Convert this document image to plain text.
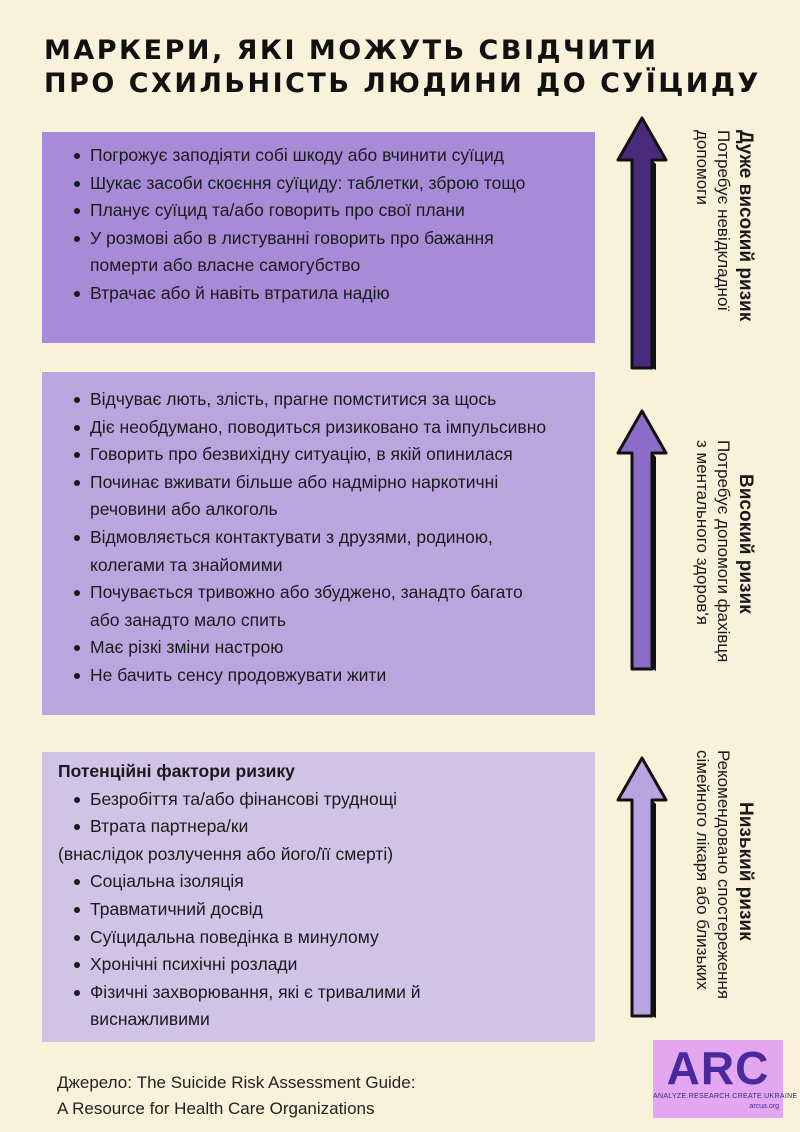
МАРКЕРИ, ЯКІ МОЖУТЬ СВІДЧИТИ
ПРО СХИЛЬНІСТЬ ЛЮДИНИ ДО СУЇЦИДУ
Погрожує заподіяти собі шкоду або вчинити суїцид
Шукає засоби скоєння суїциду: таблетки, зброю тощо
Планує суїцид та/або говорить про свої плани
У розмові або в листуванні говорить про бажання
померти або власне самогубство
Втрачає або й навіть втратила надію
Відчуває лють, злість, прагне помститися за щось
Діє необдумано, поводиться ризиковано та імпульсивно
Говорить про безвихідну ситуацію, в якій опинилася
Починає вживати більше або надмірно наркотичні
речовини або алкоголь
Відмовляється контактувати з друзями, родиною,
колегами та знайомими
Почувається тривожно або збуджено, занадто багато
або занадто мало спить
Має різкі зміни настрою
Не бачить сенсу продовжувати жити
Потенційні фактори ризику
Безробіття та/або фінансові труднощі
Втрата партнера/ки
(внаслідок розлучення або його/її смерті)
Соціальна ізоляція
Травматичний досвід
Суїцидальна поведінка в минулому
Хронічні психічні розлади
Фізичні захворювання, які є тривалими й
виснажливими
Дуже високий ризик
Потребує невідкладної
допомоги
Високий ризик
Потребує допомоги фахівця
з ментального здоров'я
Низький ризик
Рекомендовано спостереження
сімейного лікаря або близьких
Джерело: The Suicide Risk Assessment Guide:
A Resource for Health Care Organizations
ARC
ANALYZE.RESEARCH.CREATE.UKRAINE
arcua.org
